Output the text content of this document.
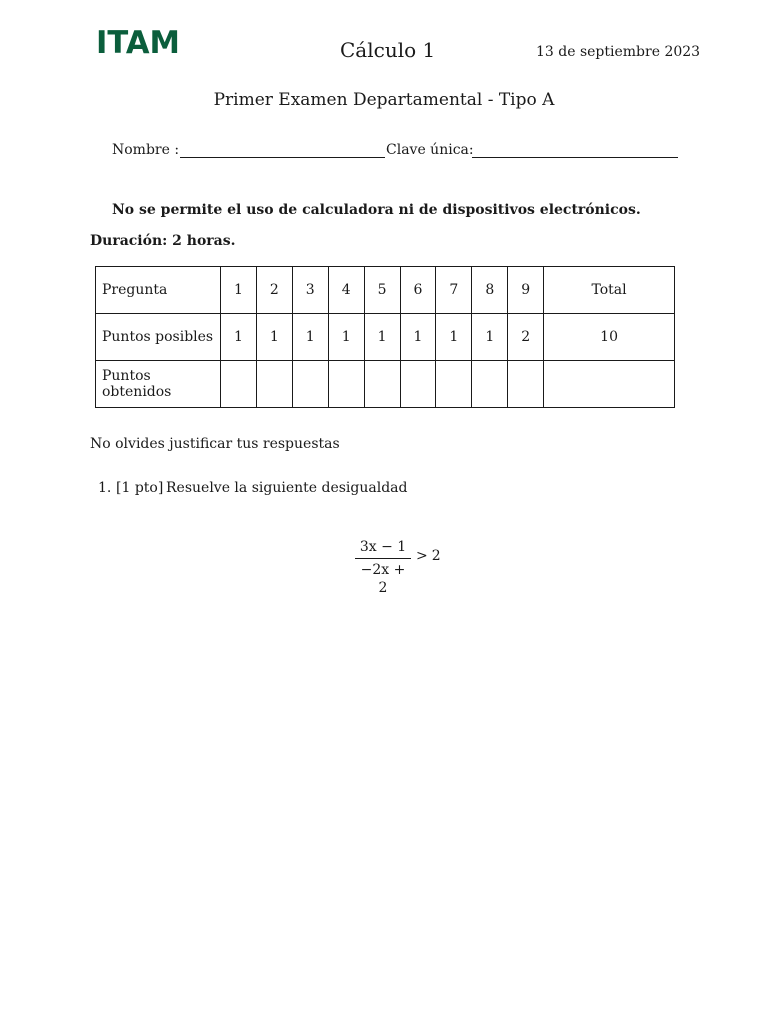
ITAM	Cálculo 1	13 de septiembre 2023
Primer Examen Departamental - Tipo A
Nombre :	Clave única:
No se permite el uso de calculadora ni de dispositivos electrónicos.
Duración: 2 horas.
Pregunta	1	2	3	4	5	6	7	8	9	Total
Puntos posibles	1	1	1	1	1	1	1	1	2	10
Puntos obtenidos										
No olvides justificar tus respuestas
1. [1 pto] Resuelve la siguiente desigualdad
3x − 1
−2x + 2
> 2
